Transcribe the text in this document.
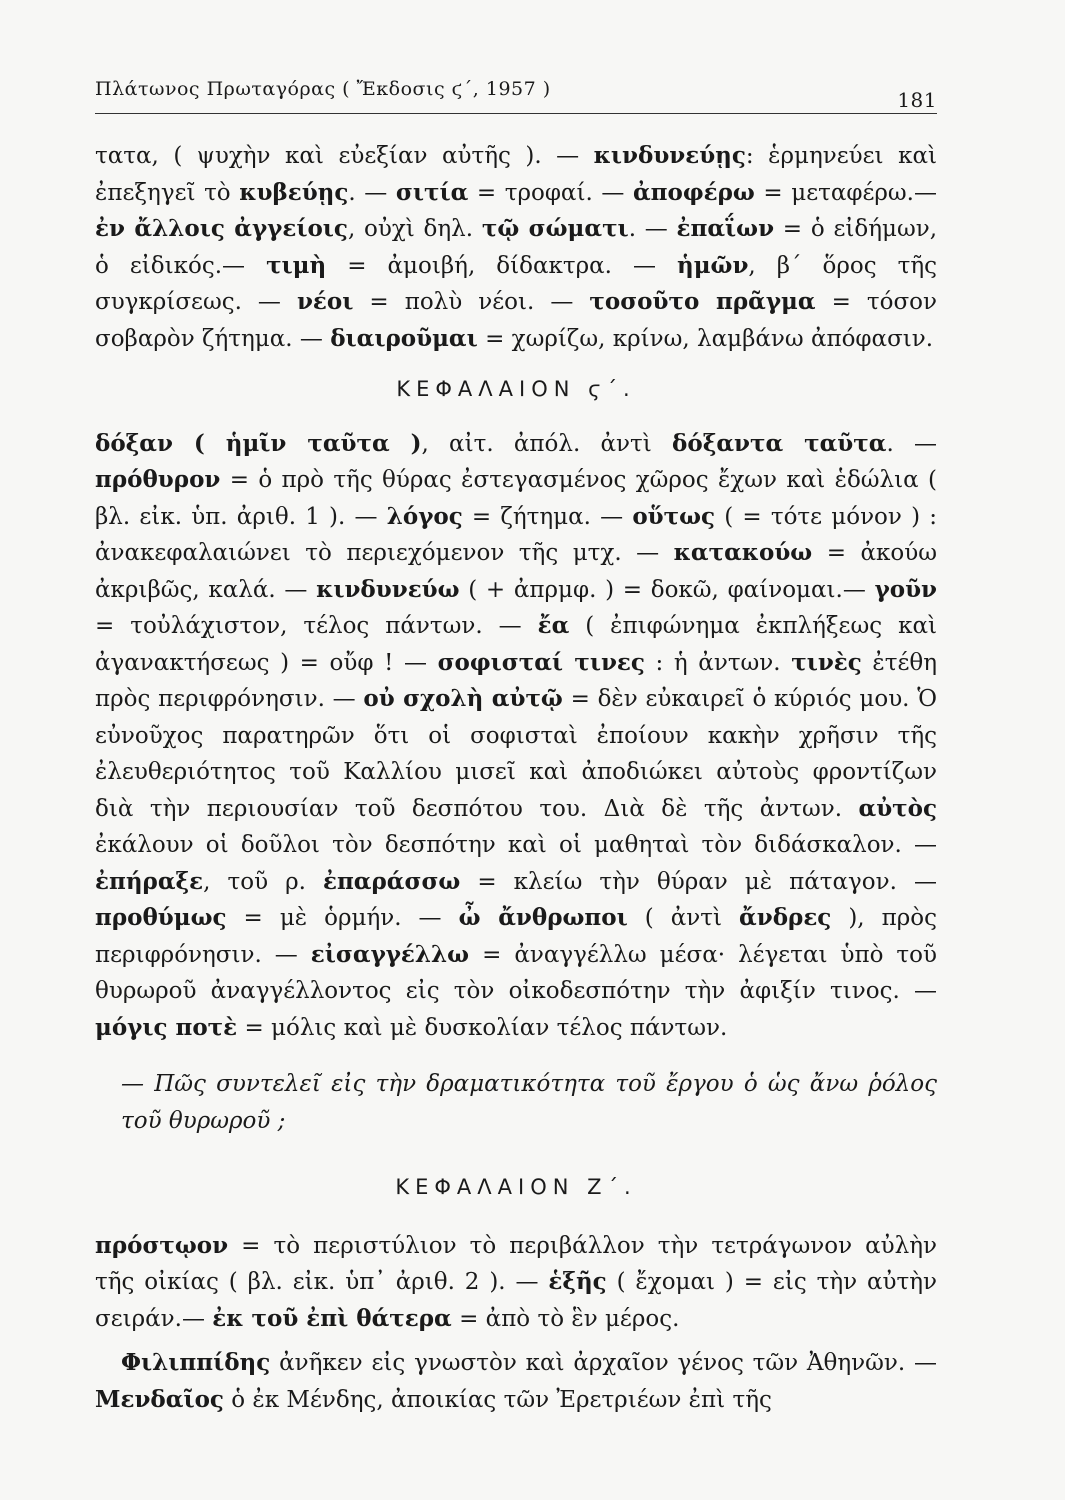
Πλάτωνος Πρωταγόρας ( Ἔκδοσις ϛ΄, 1957 )	181

τατα, ( ψυχὴν καὶ εὐεξίαν αὐτῆς ). — κινδυνεύῃς: ἑρμηνεύει καὶ ἐπεξηγεῖ τὸ κυβεύῃς. — σιτία = τροφαί. — ἀποφέρω = μεταφέρω.— ἐν ἄλλοις ἀγγείοις, οὐχὶ δηλ. τῷ σώματι. — ἐπαΐων = ὁ εἰδήμων, ὁ εἰδικός.— τιμὴ = ἀμοιβή, δίδακτρα. — ἡμῶν, β΄ ὅρος τῆς συγκρίσεως. — νέοι = πολὺ νέοι. — τοσοῦτο πρᾶγμα = τόσον σοβαρὸν ζήτημα. — διαιροῦμαι = χωρίζω, κρίνω, λαμβάνω ἀπόφασιν.

ΚΕΦΑΛΑΙΟΝ ϛ΄.

δόξαν ( ἡμῖν ταῦτα ), αἰτ. ἀπόλ. ἀντὶ δόξαντα ταῦτα. — πρόθυρον = ὁ πρὸ τῆς θύρας ἐστεγασμένος χῶρος ἔχων καὶ ἑδώλια ( βλ. εἰκ. ὑπ. ἀριθ. 1 ). — λόγος = ζήτημα. — οὕτως ( = τότε μόνον ) : ἀνακεφαλαιώνει τὸ περιεχόμενον τῆς μτχ. — κατακούω = ἀκούω ἀκριβῶς, καλά. — κινδυνεύω ( + ἀπρμφ. ) = δοκῶ, φαίνομαι.— γοῦν = τοὐλάχιστον, τέλος πάντων. — ἔα ( ἐπιφώνημα ἐκπλήξεως καὶ ἀγανακτήσεως ) = οὔφ ! — σοφισταί τινες : ἡ ἀντων. τινὲς ἐτέθη πρὸς περιφρόνησιν. — οὐ σχολὴ αὐτῷ = δὲν εὐκαιρεῖ ὁ κύριός μου. Ὁ εὐνοῦχος παρατηρῶν ὅτι οἱ σοφισταὶ ἐποίουν κακὴν χρῆσιν τῆς ἐλευθεριότητος τοῦ Καλλίου μισεῖ καὶ ἀποδιώκει αὐτοὺς φροντίζων διὰ τὴν περιουσίαν τοῦ δεσπότου του. Διὰ δὲ τῆς ἀντων. αὐτὸς ἐκάλουν οἱ δοῦλοι τὸν δεσπότην καὶ οἱ μαθηταὶ τὸν διδάσκαλον. — ἐπήραξε, τοῦ ρ. ἐπαράσσω = κλείω τὴν θύραν μὲ πάταγον. — προθύμως = μὲ ὁρμήν. — ὦ ἄνθρωποι ( ἀντὶ ἄνδρες ), πρὸς περιφρόνησιν. — εἰσαγγέλλω = ἀναγγέλλω μέσα· λέγεται ὑπὸ τοῦ θυρωροῦ ἀναγγέλλοντος εἰς τὸν οἰκοδεσπότην τὴν ἀφιξίν τινος. — μόγις ποτὲ = μόλις καὶ μὲ δυσκολίαν τέλος πάντων.

— Πῶς συντελεῖ εἰς τὴν δραματικότητα τοῦ ἔργου ὁ ὡς ἄνω ῥόλος τοῦ θυρωροῦ ;

ΚΕΦΑΛΑΙΟΝ Ζ΄.

πρόστῳον = τὸ περιστύλιον τὸ περιβάλλον τὴν τετράγωνον αὐλὴν τῆς οἰκίας ( βλ. εἰκ. ὑπ᾽ ἀριθ. 2 ). — ἑξῆς ( ἔχομαι ) = εἰς τὴν αὐτὴν σειράν.— ἐκ τοῦ ἐπὶ θάτερα = ἀπὸ τὸ ἓν μέρος.

Φιλιππίδης ἀνῆκεν εἰς γνωστὸν καὶ ἀρχαῖον γένος τῶν Ἀθηνῶν. — Μενδαῖος ὁ ἐκ Μένδης, ἀποικίας τῶν Ἐρετριέων ἐπὶ τῆς
